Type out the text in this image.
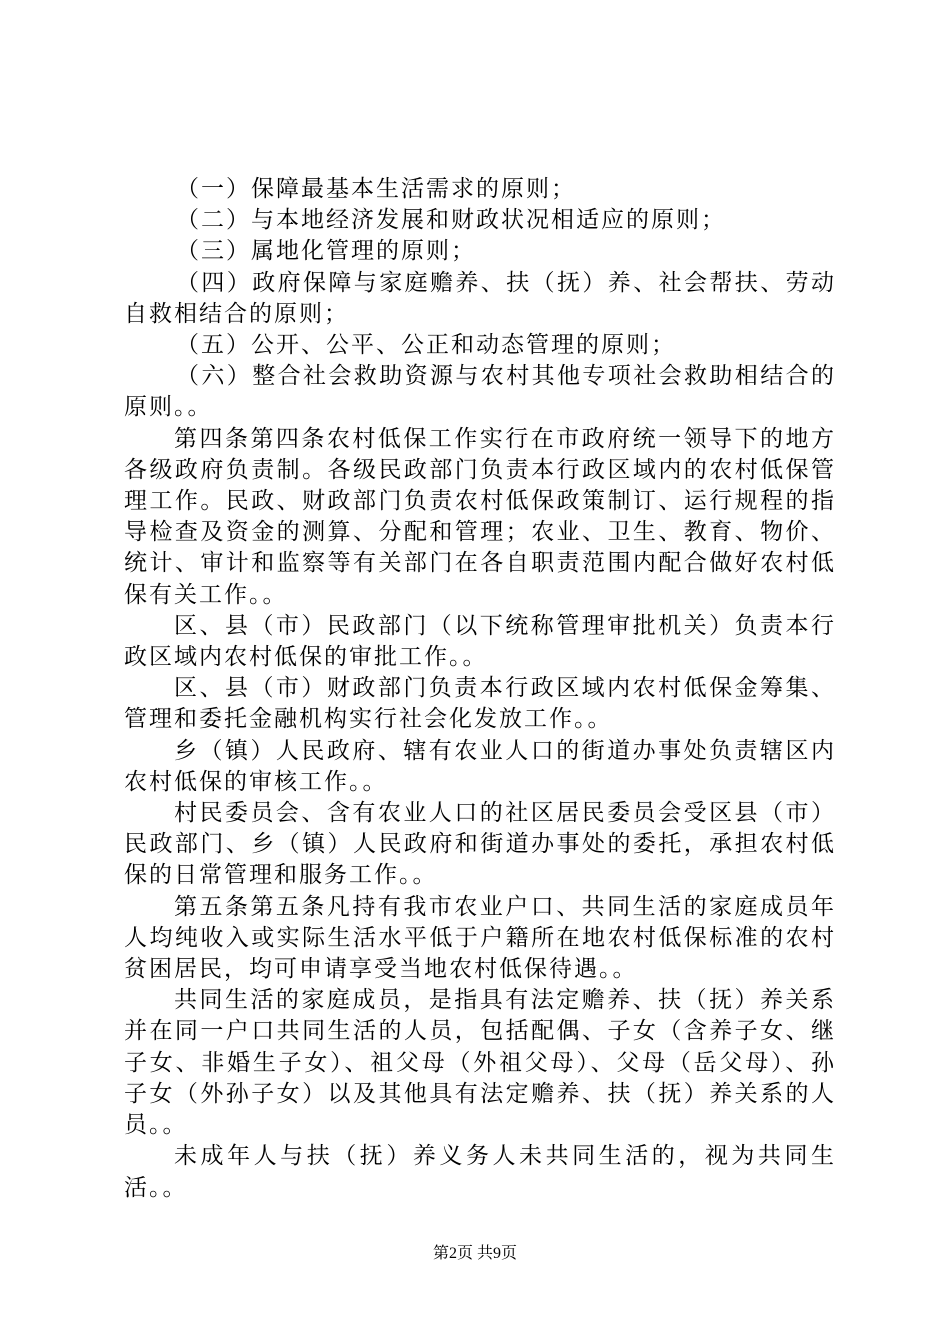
（一）保障最基本生活需求的原则；

（二）与本地经济发展和财政状况相适应的原则；

（三）属地化管理的原则；

（四）政府保障与家庭赡养、扶（抚）养、社会帮扶、劳动自救相结合的原则；

（五）公开、公平、公正和动态管理的原则；

（六）整合社会救助资源与农村其他专项社会救助相结合的原则。。

第四条第四条农村低保工作实行在市政府统一领导下的地方各级政府负责制。各级民政部门负责本行政区域内的农村低保管理工作。民政、财政部门负责农村低保政策制订、运行规程的指导检查及资金的测算、分配和管理；农业、卫生、教育、物价、统计、审计和监察等有关部门在各自职责范围内配合做好农村低保有关工作。。

区、县（市）民政部门（以下统称管理审批机关）负责本行政区域内农村低保的审批工作。。

区、县（市）财政部门负责本行政区域内农村低保金筹集、管理和委托金融机构实行社会化发放工作。。

乡（镇）人民政府、辖有农业人口的街道办事处负责辖区内农村低保的审核工作。。

村民委员会、含有农业人口的社区居民委员会受区县（市）民政部门、乡（镇）人民政府和街道办事处的委托，承担农村低保的日常管理和服务工作。。

第五条第五条凡持有我市农业户口、共同生活的家庭成员年人均纯收入或实际生活水平低于户籍所在地农村低保标准的农村贫困居民，均可申请享受当地农村低保待遇。。

共同生活的家庭成员，是指具有法定赡养、扶（抚）养关系并在同一户口共同生活的人员，包括配偶、子女（含养子女、继子女、非婚生子女）、祖父母（外祖父母）、父母（岳父母）、孙子女（外孙子女）以及其他具有法定赡养、扶（抚）养关系的人员。。

未成年人与扶（抚）养义务人未共同生活的，视为共同生活。。

第2页 共9页
